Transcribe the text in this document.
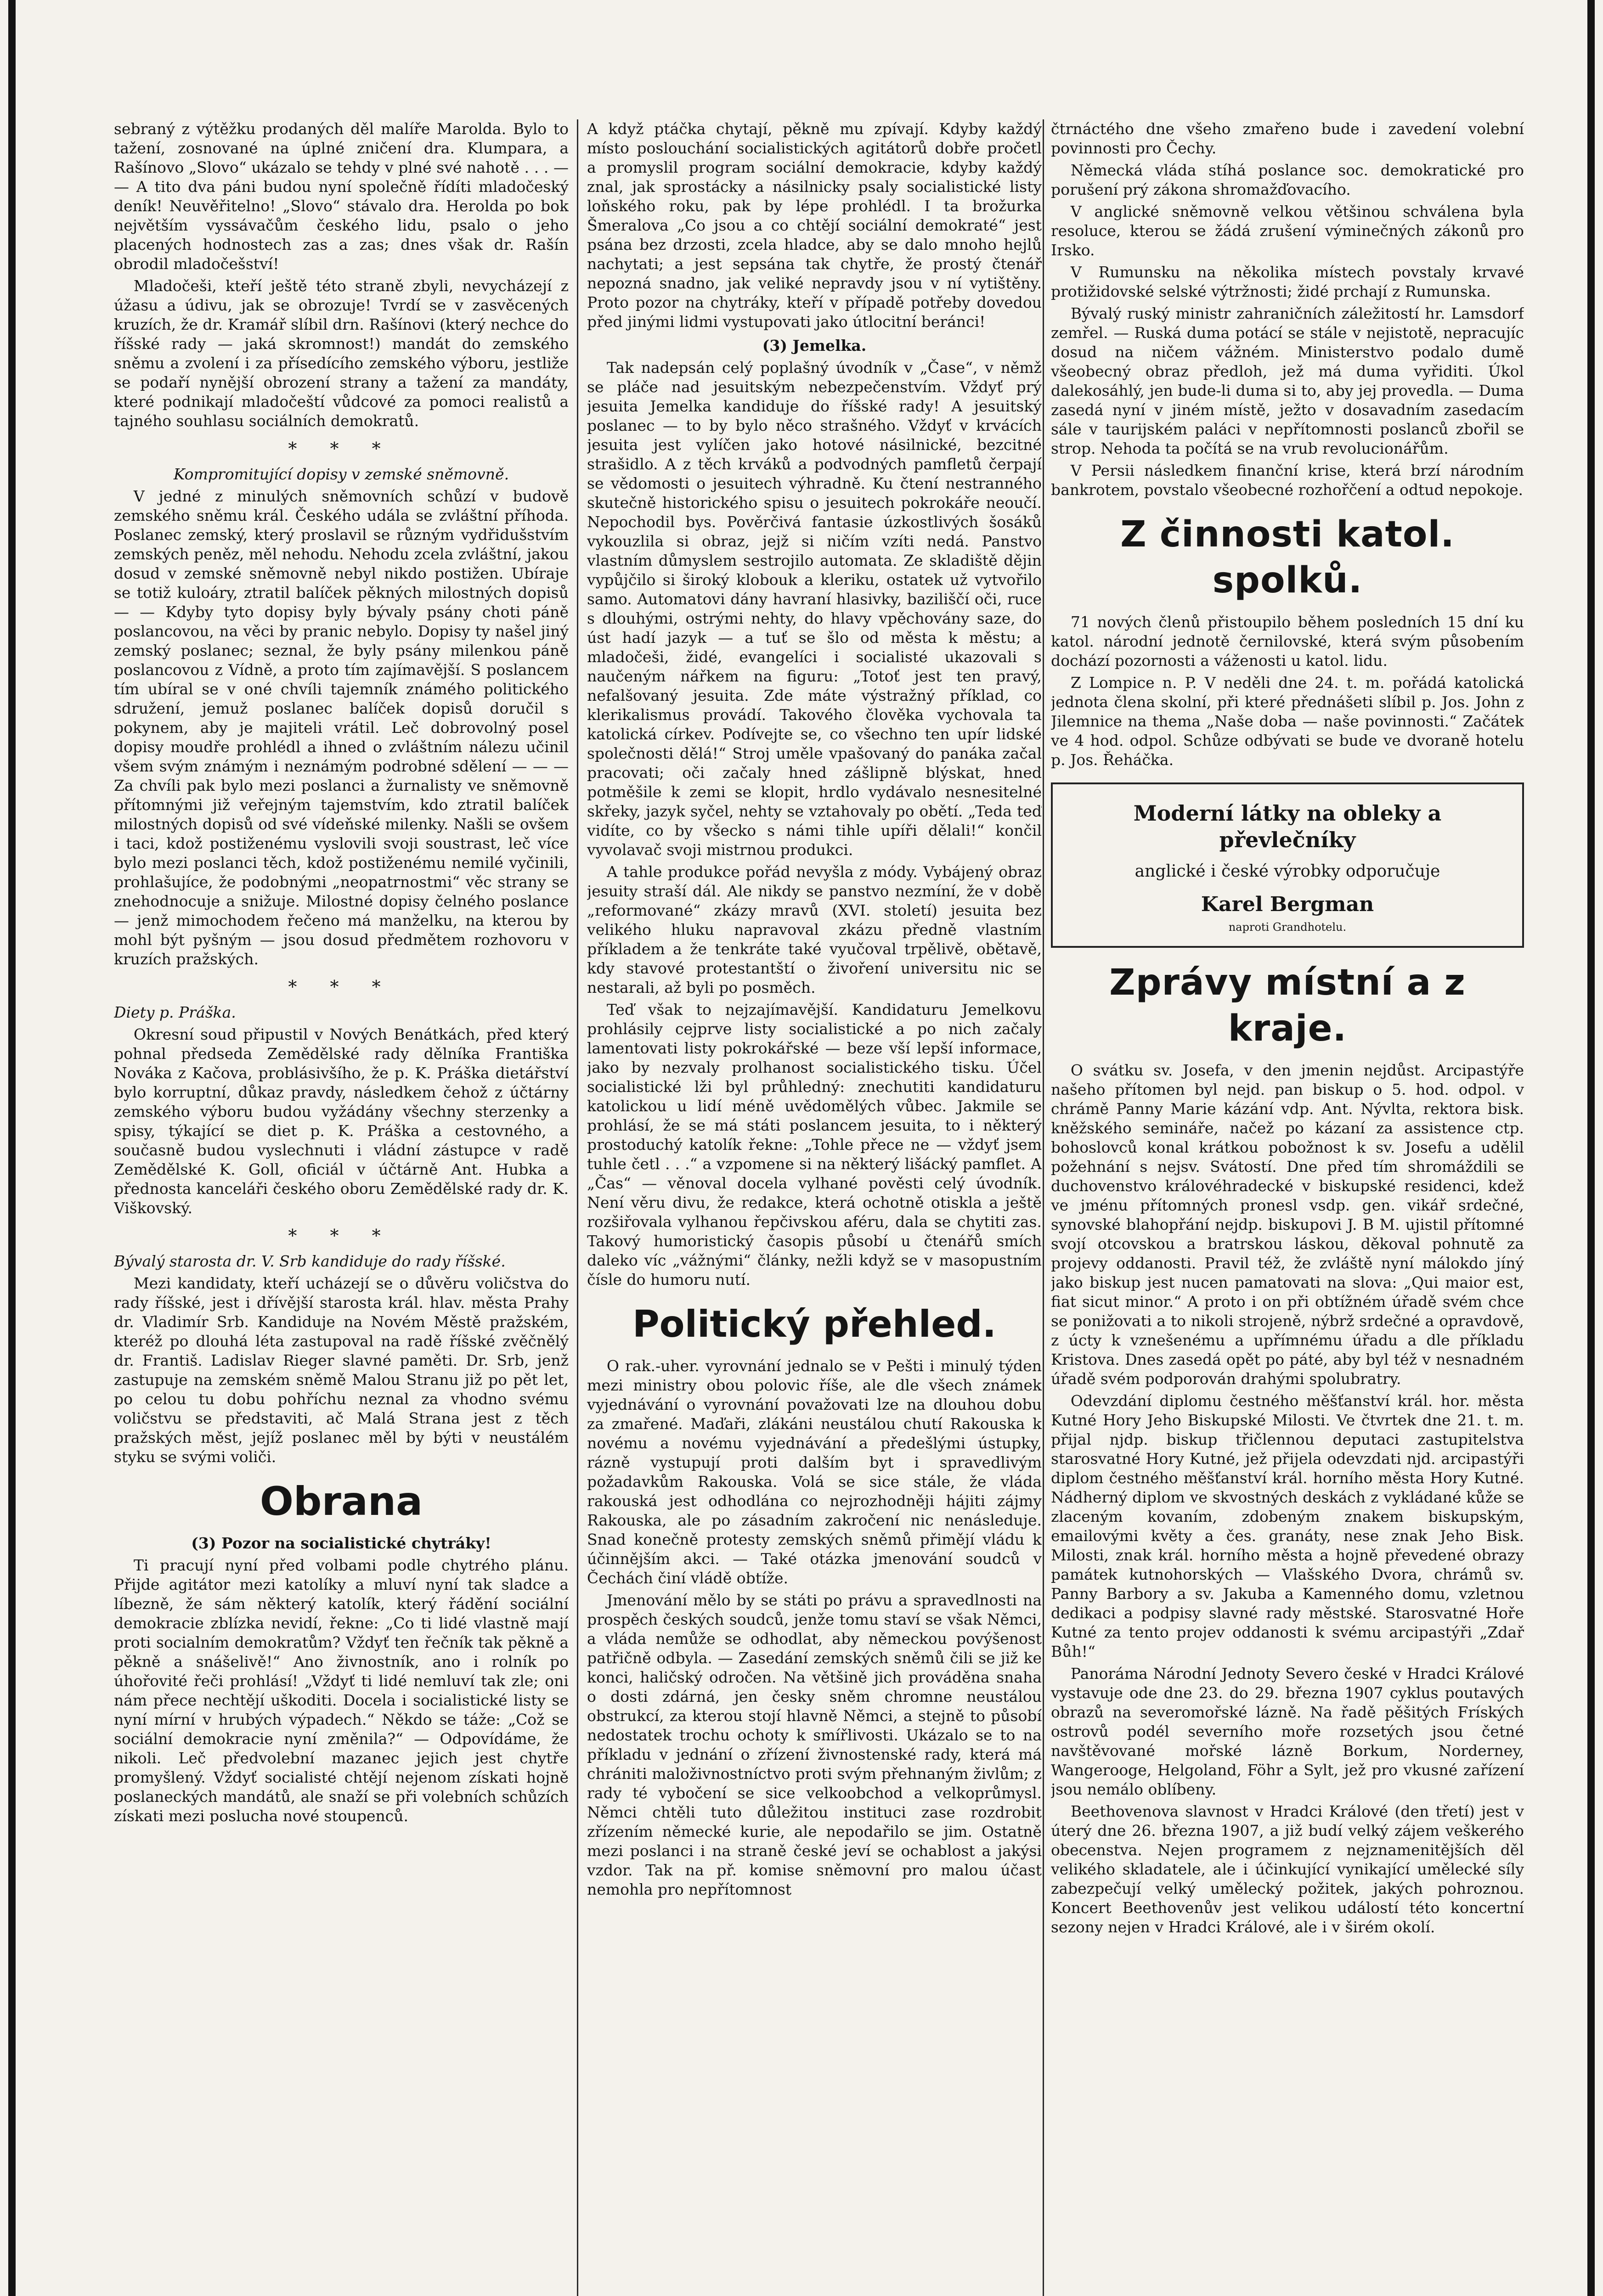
sebraný z výtěžku prodaných děl malíře Marolda. Bylo to tažení, zosnované na úplné zničení dra. Klumpara, a Rašínovo „Slovo“ ukázalo se tehdy v plné své nahotě . . . — — A tito dva páni budou nyní společně řídíti mladočeský deník! Neuvěřitelno! „Slovo“ stávalo dra. Herolda po bok největším vyssávačům českého lidu, psalo o jeho placených hodnostech zas a zas; dnes však dr. Rašín obrodil mladočešství!

Mladočeši, kteří ještě této straně zbyli, nevycházejí z úžasu a údivu, jak se obrozuje! Tvrdí se v zasvěcených kruzích, že dr. Kramář slíbil drn. Rašínovi (který nechce do říšské rady — jaká skromnost!) mandát do zemského sněmu a zvolení i za přísedícího zemského výboru, jestliže se podaří nynější obrození strany a tažení za mandáty, které podnikají mladočeští vůdcové za pomoci realistů a tajného souhlasu sociálních demokratů.

* * *

Kompromitující dopisy v zemské sněmovně.

V jedné z minulých sněmovních schůzí v budově zemského sněmu král. Českého udála se zvláštní příhoda. Poslanec zemský, který proslavil se různým vydřidušstvím zemských peněz, měl nehodu. Nehodu zcela zvláštní, jakou dosud v zemské sněmovně nebyl nikdo postižen. Ubíraje se totiž kuloáry, ztratil balíček pěkných milostných dopisů — — Kdyby tyto dopisy byly bývaly psány choti páně poslancovou, na věci by pranic nebylo. Dopisy ty našel jiný zemský poslanec; seznal, že byly psány milenkou páně poslancovou z Vídně, a proto tím zajímavější. S poslancem tím ubíral se v oné chvíli tajemník známého politického sdružení, jemuž poslanec balíček dopisů doručil s pokynem, aby je majiteli vrátil. Leč dobrovolný posel dopisy moudře prohlédl a ihned o zvláštním nálezu učinil všem svým známým i neznámým podrobné sdělení — — — Za chvíli pak bylo mezi poslanci a žurnalisty ve sněmovně přítomnými již veřejným tajemstvím, kdo ztratil balíček milostných dopisů od své vídeňské milenky. Našli se ovšem i taci, kdož postiženému vyslovili svoji soustrast, leč více bylo mezi poslanci těch, kdož postiženému nemilé vyčinili, prohlašujíce, že podobnými „neopatrnostmi“ věc strany se znehodnocuje a snižuje. Milostné dopisy čelného poslance — jenž mimochodem řečeno má manželku, na kterou by mohl být pyšným — jsou dosud předmětem rozhovoru v kruzích pražských.

* * *

Diety p. Práška.

Okresní soud připustil v Nových Benátkách, před který pohnal předseda Zemědělské rady dělníka Františka Nováka z Kačova, problásivšího, že p. K. Práška dietářství bylo korruptní, důkaz pravdy, následkem čehož z účtárny zemského výboru budou vyžádány všechny sterzenky a spisy, týkající se diet p. K. Práška a cestovného, a současně budou vyslechnuti i vládní zástupce v radě Zemědělské K. Goll, oficiál v účtárně Ant. Hubka a přednosta kanceláři českého oboru Zemědělské rady dr. K. Viškovský.

* * *

Bývalý starosta dr. V. Srb kandidujе do rady říšské.

Mezi kandidaty, kteří ucházejí se o důvěru voličstva do rady říšské, jest i dřívější starosta král. hlav. města Prahy dr. Vladimír Srb. Kandiduje na Novém Městě pražském, kteréž po dlouhá léta zastupoval na radě říšské zvěčnělý dr. Františ. Ladislav Rieger slavné paměti. Dr. Srb, jenž zastupuje na zemském sněmě Malou Stranu již po pět let, po celou tu dobu pohříchu neznal za vhodno svému voličstvu se představiti, ač Malá Strana jest z těch pražských měst, jejíž poslanec měl by býti v neustálém styku se svými voliči.

Obrana

(3) Pozor na socialistické chytráky!

Ti pracují nyní před volbami podle chytrého plánu. Přijde agitátor mezi katolíky a mluví nyní tak sladce a líbezně, že sám některý katolík, který řádění sociální demokracie zblízka nevidí, řekne: „Co ti lidé vlastně mají proti socialním demokratům? Vždyť ten řečník tak pěkně a pěkně a snášelivě!“ Ano živnostník, ano i rolník po úhořovité řeči prohlásí! „Vždyť ti lidé nemluví tak zle; oni nám přece nechtějí uškoditi. Docela i socialistické listy se nyní mírní v hrubých výpadech.“ Někdo se táže: „Což se sociální demokracie nyní změnila?“ — Odpovídáme, že nikoli. Leč předvolební mazanec jejich jest chytře promyšlený. Vždyť socialisté chtějí nejenom získati hojně poslaneckých mandátů, ale snaží se při volebních schůzích získati mezi poslucha nové stoupenců.

A když ptáčka chytají, pěkně mu zpívají. Kdyby každý místo poslouchání socialistických agitátorů dobře pročetl a promyslil program sociální demokracie, kdyby každý znal, jak sprostácky a násilnicky psaly socialistické listy loňského roku, pak by lépe prohlédl. I ta brožurka Šmeralova „Co jsou a co chtějí sociální demokraté“ jest psána bez drzosti, zcela hladce, aby se dalo mnoho hejlů nachytati; a jest sepsána tak chytře, že prostý čtenář nepozná snadno, jak veliké nepravdy jsou v ní vytištěny. Proto pozor na chytráky, kteří v případě potřeby dovedou před jinými lidmi vystupovati jako útlocitní beránci!

(3) Jemelka.

Tak nadepsán celý poplašný úvodník v „Čase“, v němž se pláče nad jesuitským nebezpečenstvím. Vždyť prý jesuita Jemelka kandiduje do říšské rady! A jesuitský poslanec — to by bylo něco strašného. Vždyť v krvácích jesuita jest vylíčen jako hotové násilnické, bezcitné strašidlo. A z těch krváků a podvodných pamfletů čerpají se vědomosti o jesuitech výhradně. Ku čtení nestranného skutečně historického spisu o jesuitech pokrokáře neoučí. Nepochodil bys. Pověrčivá fantasie úzkostlivých šosáků vykouzlila si obraz, jejž si ničím vzíti nedá. Panstvo vlastním důmyslem sestrojilo automata. Ze skladiště dějin vypůjčilo si široký klobouk a kleriku, ostatek už vytvořilo samo. Automatovi dány havraní hlasivky, baziliščí oči, ruce s dlouhými, ostrými nehty, do hlavy vpěchovány saze, do úst hadí jazyk — a tuť se šlo od města k městu; a mladočeši, židé, evangelíci i socialisté ukazovali s naučeným nářkem na figuru: „Totoť jest ten pravý, nefalšovaný jesuita. Zde máte výstražný příklad, co klerikalismus provádí. Takového člověka vychovala ta katolická církev. Podívejte se, co všechno ten upír lidské společnosti dělá!“ Stroj uměle vpašovaný do panáka začal pracovati; oči začaly hned zášlipně blýskat, hned potměšile k zemi se klopit, hrdlo vydávalo nesnesitelné skřeky, jazyk syčel, nehty se vztahovaly po obětí. „Teda teď vidíte, co by všecko s námi tihle upíři dělali!“ končil vyvolavač svoji mistrnou produkci.

A tahle produkce pořád nevyšla z módy. Vybájený obraz jesuity straší dál. Ale nikdy se panstvo nezmíní, že v době „reformované“ zkázy mravů (XVI. století) jesuita bez velikého hluku napravoval zkázu předně vlastním příkladem a že tenkráte také vyučoval trpělivě, obětavě, kdy stavové protestantští o živoření universitu nic se nestarali, až byli po posměch.

Teď však to nejzajímavější. Kandidaturu Jemelkovu prohlásily cejprve listy socialistické a po nich začaly lamentovati listy pokrokářské — beze vší lepší informace, jako by nezvaly prolhanost socialistického tisku. Účel socialistické lži byl průhledný: znechutiti kandidaturu katolickou u lidí méně uvědomělých vůbec. Jakmile se prohlásí, že se má státi poslancem jesuita, to i některý prostoduchý katolík řekne: „Tohle přece ne — vždyť jsem tuhle četl . . .“ a vzpomene si na některý lišácký pamflet. A „Čas“ — věnoval docela vylhané pověsti celý úvodník. Není věru divu, že redakce, která ochotně otiskla a ještě rozšiřovala vylhanou řepčivskou aféru, dala se chytiti zas. Takový humoristický časopis působí u čtenářů smích daleko víc „vážnými“ články, nežli když se v masopustním čísle do humoru nutí.

Politický přehled.

O rak.-uher. vyrovnání jednalo se v Pešti i minulý týden mezi ministry obou polovic říše, ale dle všech známek vyjednávání o vyrovnání považovati lze na dlouhou dobu za zmařené. Maďaři, zlákáni neustálou chutí Rakouska k novému a novému vyjednávání a předešlými ústupky, rázně vystupují proti dalším byt i spravedlivým požadavkům Rakouska. Volá se sice stále, že vláda rakouská jest odhodlána co nejrozhodněji hájiti zájmy Rakouska, ale po zásadním zakročení nic nenásleduje. Snad konečně protesty zemských sněmů přimějí vládu k účinnějším akci. — Také otázka jmenování soudců v Čechách činí vládě obtíže.

Jmenování mělo by se státi po právu a spravedlnosti na prospěch českých soudců, jenže tomu staví se však Němci, a vláda nemůže se odhodlat, aby německou povýšenost patřičně odbyla. — Zasedání zemských sněmů čili se již ke konci, haličský odročen. Na většině jich prováděna snaha o dosti zdárná, jen česky sněm chromne neustálou obstrukcí, za kterou stojí hlavně Němci, a stejně to působí nedostatek trochu ochoty k smířlivosti. Ukázalo se to na příkladu v jednání o zřízení živnostenské rady, která má chrániti maloživnostníctvo proti svým přehnaným živlům; z rady té vybočení se sice velkoobchod a velkoprůmysl. Němci chtěli tuto důležitou instituci zase rozdrobit zřízením německé kurie, ale nepodařilo se jim. Ostatně mezi poslanci i na straně české jeví se ochablost a jakýsi vzdor. Tak na př. komise sněmovní pro malou účast nemohla pro nepřítomnost

čtrnáctého dne všeho zmařeno bude i zavedení volební povinnosti pro Čechy.

Německá vláda stíhá poslance soc. demokratické pro porušení prý zákona shromažďovacího.

V anglické sněmovně velkou většinou schválena byla resoluce, kterou se žádá zrušení výminečných zákonů pro Irsko.

V Rumunsku na několika místech povstaly krvavé protižidovské selské výtržnosti; židé prchají z Rumunska.

Bývalý ruský ministr zahraničních záležitostí hr. Lamsdorf zemřel. — Ruská duma potácí se stále v nejistotě, nepracujíc dosud na ničem vážném. Ministerstvo podalo dumě všeobecný obraz předloh, jež má duma vyřiditi. Úkol dalekosáhlý, jen bude-li duma si to, aby jej provedla. — Duma zasedá nyní v jiném místě, ježto v dosavadním zasedacím sále v taurijském paláci v nepřítomnosti poslanců zbořil se strop. Nehoda ta počítá se na vrub revolucionářům.

V Persii následkem finanční krise, která brzí národním bankrotem, povstalo všeobecné rozhořčení a odtud nepokoje.

Z činnosti katol. spolků.

71 nových členů přistoupilo během posledních 15 dní ku katol. národní jednotě černilovské, která svým působením dochází pozornosti a váženosti u katol. lidu.

Z Lompice n. P. V neděli dne 24. t. m. pořádá katolická jednota člena skolní, při které přednášeti slíbil p. Jos. John z Jilemnice na thema „Naše doba — naše povinnosti.“ Začátek ve 4 hod. odpol. Schůze odbývati se bude ve dvoraně hotelu p. Jos. Řeháčka.

Moderní látky na obleky a převlečníky
anglické i české výrobky odporučuje
Karel Bergman
naproti Grandhotelu.
Zprávy místní a z kraje.

O svátku sv. Josefa, v den jmenin nejdůst. Arcipastýře našeho přítomen byl nejd. pan biskup o 5. hod. odpol. v chrámě Panny Marie kázání vdp. Ant. Nývlta, rektora bisk. kněžského semináře, načež po kázaní za assistence ctp. bohoslovců konal krátkou pobožnost k sv. Josefu a udělil požehnání s nejsv. Svátostí. Dne před tím shromáždili se duchovenstvo královéhradecké v biskupské residenci, kdež ve jménu přítomných pronesl vsdp. gen. vikář srdečné, synovské blahopřání nejdp. biskupovi J. B M. ujistil přítomné svojí otcovskou a bratrskou láskou, děkoval pohnutě za projevy oddanosti. Pravil též, že zvláště nyní málokdo jíný jako biskup jest nucen pamatovati na slova: „Qui maior est, fiat sicut minor.“ A proto i on při obtížném úřadě svém chce se ponižovati a to nikoli strojeně, nýbrž srdečné a opravdově, z úcty k vznešenému a upřímnému úřadu a dle příkladu Kristova. Dnes zasedá opět po páté, aby byl též v nesnadném úřadě svém podporován drahými spolubratry.

Odevzdání diplomu čestného měšťanství král. hor. města Kutné Hory Jeho Biskupské Milosti. Ve čtvrtek dne 21. t. m. přijal njdp. biskup třičlennou deputaci zastupitelstva starosvatné Hory Kutné, jež přijela odevzdati njd. arcipastýři diplom čestného měšťanství král. horního města Hory Kutné. Nádherný diplom ve skvostných deskách z vykládané kůže se zlaceným kovaním, zdobeným znakem biskupským, emailovými květy a čes. granáty, nese znak Jeho Bisk. Milosti, znak král. horního města a hojně převedené obrazy památek kutnohorských — Vlašského Dvora, chrámů sv. Panny Barbory a sv. Jakuba a Kamenného domu, vzletnou dedikaci a podpisy slavné rady městské. Starosvatné Hoře Kutné za tento projev oddanosti k svému arcipastýři „Zdař Bůh!“

Panoráma Národní Jednoty Severo české v Hradci Králové vystavuje ode dne 23. do 29. března 1907 cyklus poutavých obrazů na severomořské lázně. Na řadě pěšitých Fríských ostrovů podél severního moře rozsetých jsou četné navštěvované mořské lázně Borkum, Norderney, Wangerooge, Helgoland, Föhr a Sylt, jež pro vkusné zařízení jsou nemálo oblíbeny.

Beethovenova slavnost v Hradci Králové (den třetí) jest v úterý dne 26. března 1907, a již budí velký zájem veškerého obecenstva. Nejen programem z nejznamenitějších děl velikého skladatele, ale i účinkující vynikající umělecké síly zabezpečují velký umělecký požitek, jakých pohroznou. Koncert Beethovenův jest velikou událostí této koncertní sezony nejen v Hradci Králové, ale i v širém okolí.
